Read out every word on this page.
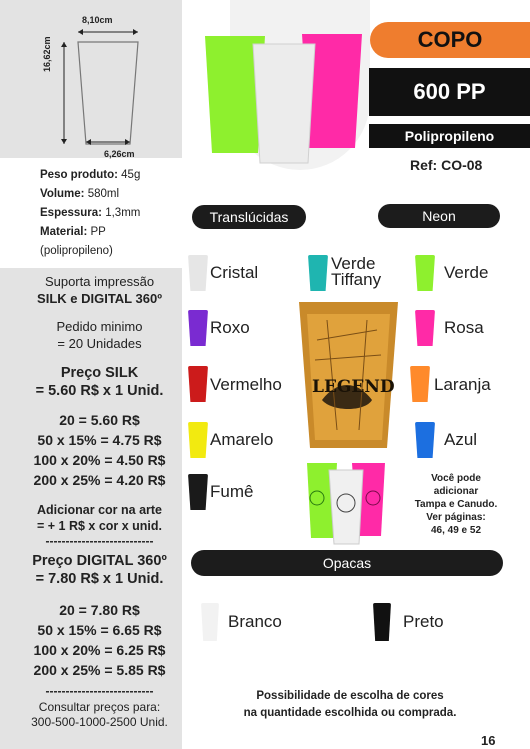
8,10cm
16,62cm
6,26cm
Peso produto: 45g
Volume: 580ml
Espessura: 1,3mm
Material: PP
(polipropileno)
Suporta impressão
SILK e DIGITAL 360º
Pedido minimo
= 20 Unidades
Preço SILK
= 5.60 R$ x 1 Unid.
20 = 5.60 R$
50 x 15% = 4.75 R$
100 x 20% = 4.50 R$
200 x 25% = 4.20 R$
Adicionar cor na arte
= + 1 R$ x cor x unid.
---------------------------
Preço DIGITAL 360º
= 7.80 R$ x 1 Unid.
20 = 7.80 R$
50 x 15% = 6.65 R$
100 x 20% = 6.25 R$
200 x 25% = 5.85 R$
---------------------------
Consultar preços para:
300-500-1000-2500 Unid.
COPO
600 PP
Polipropileno
Ref: CO-08
Translúcidas	Neon
Opacas
Cristal
Roxo
Vermelho
Amarelo
Fumê
Verde
Tiffany	Verde
Rosa
Laranja
Azul
LEGEND
Você pode
adicionar
Tampa e Canudo.
Ver páginas:
46, 49 e 52
Branco	Preto
Possibilidade de escolha de cores
na quantidade escolhida ou comprada.
16
